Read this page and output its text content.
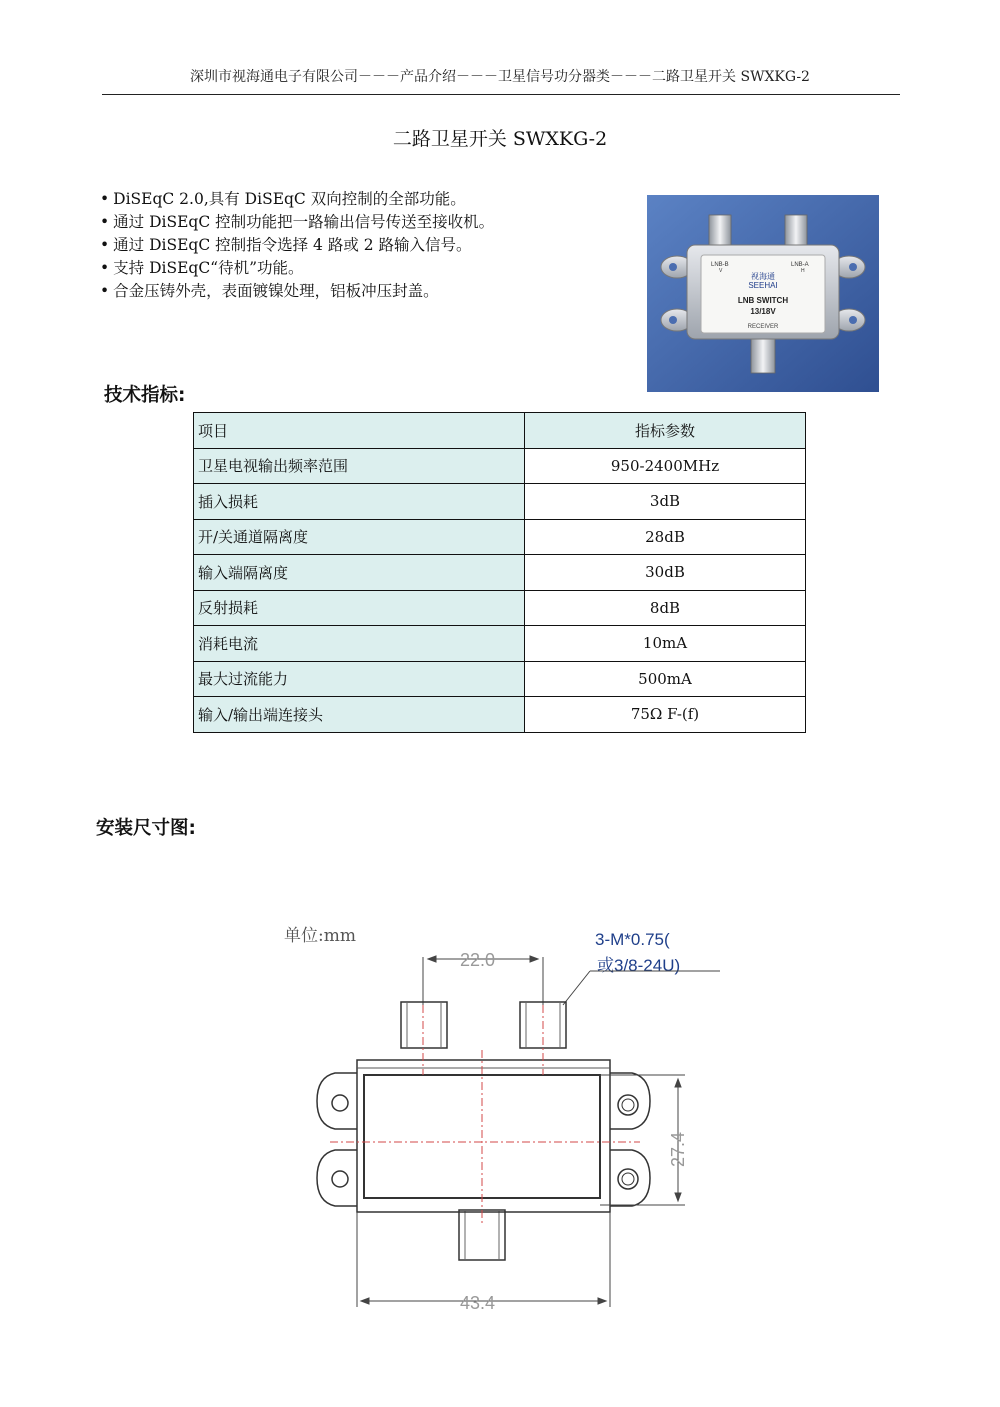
深圳市视海通电子有限公司－－－产品介绍－－－卫星信号功分器类－－－二路卫星开关 SWXKG-2
二路卫星开关 SWXKG-2
• DiSEqC 2.0,具有 DiSEqC 双向控制的全部功能。
• 通过 DiSEqC 控制功能把一路输出信号传送至接收机。
• 通过 DiSEqC 控制指令选择 4 路或 2 路输入信号。
• 支持 DiSEqC“待机”功能。
• 合金压铸外壳，表面镀镍处理，铝板冲压封盖。
LNB-B
V
LNB-A
H
视海通
SEEHAI
LNB SWITCH
13/18V
RECEIVER
技术指标:
项目	指标参数
卫星电视输出频率范围	950-2400MHz
插入损耗	3dB
开/关通道隔离度	28dB
输入端隔离度	30dB
反射损耗	8dB
消耗电流	10mA
最大过流能力	500mA
输入/输出端连接头	75Ω F-(f)
安装尺寸图:
单位:mm	3-M*0.75(
或3/8-24U)
22.0
27.4
43.4
